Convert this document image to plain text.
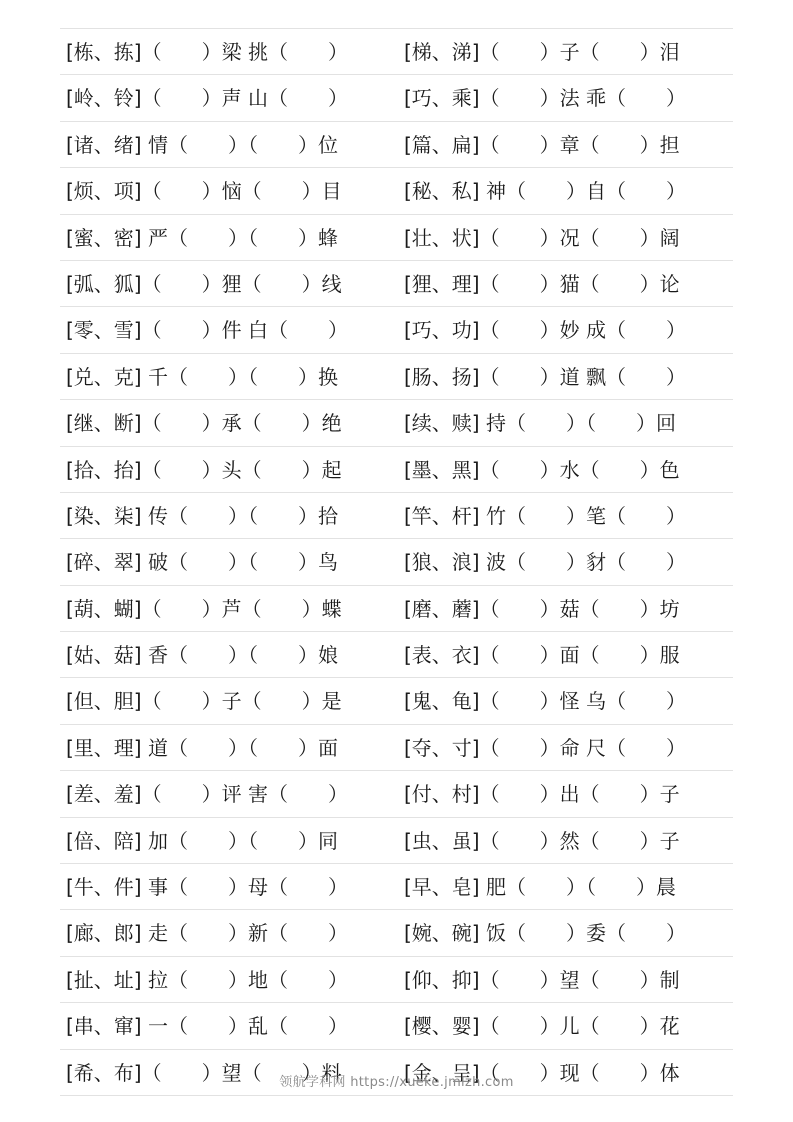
[栋、拣]（　　）梁 挑（　　）	[梯、涕]（　　）子（　　）泪
[岭、铃]（　　）声 山（　　）	[巧、乘]（　　）法 乖（　　）
[诸、绪] 情（　　）（　　）位	[篇、扁]（　　）章（　　）担
[烦、项]（　　）恼（　　）目	[秘、私] 神（　　）自（　　）
[蜜、密] 严（　　）（　　）蜂	[壮、状]（　　）况（　　）阔
[弧、狐]（　　）狸（　　）线	[狸、理]（　　）猫（　　）论
[零、雪]（　　）件 白（　　）	[巧、功]（　　）妙 成（　　）
[兑、克] 千（　　）（　　）换	[肠、扬]（　　）道 飘（　　）
[继、断]（　　）承（　　）绝	[续、赎] 持（　　）（　　）回
[拾、抬]（　　）头（　　）起	[墨、黑]（　　）水（　　）色
[染、柒] 传（　　）（　　）拾	[竿、杆] 竹（　　）笔（　　）
[碎、翠] 破（　　）（　　）鸟	[狼、浪] 波（　　）豺（　　）
[葫、蝴]（　　）芦（　　）蝶	[磨、蘑]（　　）菇（　　）坊
[姑、菇] 香（　　）（　　）娘	[表、衣]（　　）面（　　）服
[但、胆]（　　）子（　　）是	[鬼、龟]（　　）怪 乌（　　）
[里、理] 道（　　）（　　）面	[夺、寸]（　　）命 尺（　　）
[差、羞]（　　）评 害（　　）	[付、村]（　　）出（　　）子
[倍、陪] 加（　　）（　　）同	[虫、虽]（　　）然（　　）子
[牛、件] 事（　　）母（　　）	[早、皂] 肥（　　）（　　）晨
[廊、郎] 走（　　）新（　　）	[婉、碗] 饭（　　）委（　　）
[扯、址] 拉（　　）地（　　）	[仰、抑]（　　）望（　　）制
[串、窜] 一（　　）乱（　　）	[樱、婴]（　　）儿（　　）花
[希、布]（　　）望（　　）料	[金、呈]（　　）现（　　）体
领航学科网 https://xueke.jmlzh.com
